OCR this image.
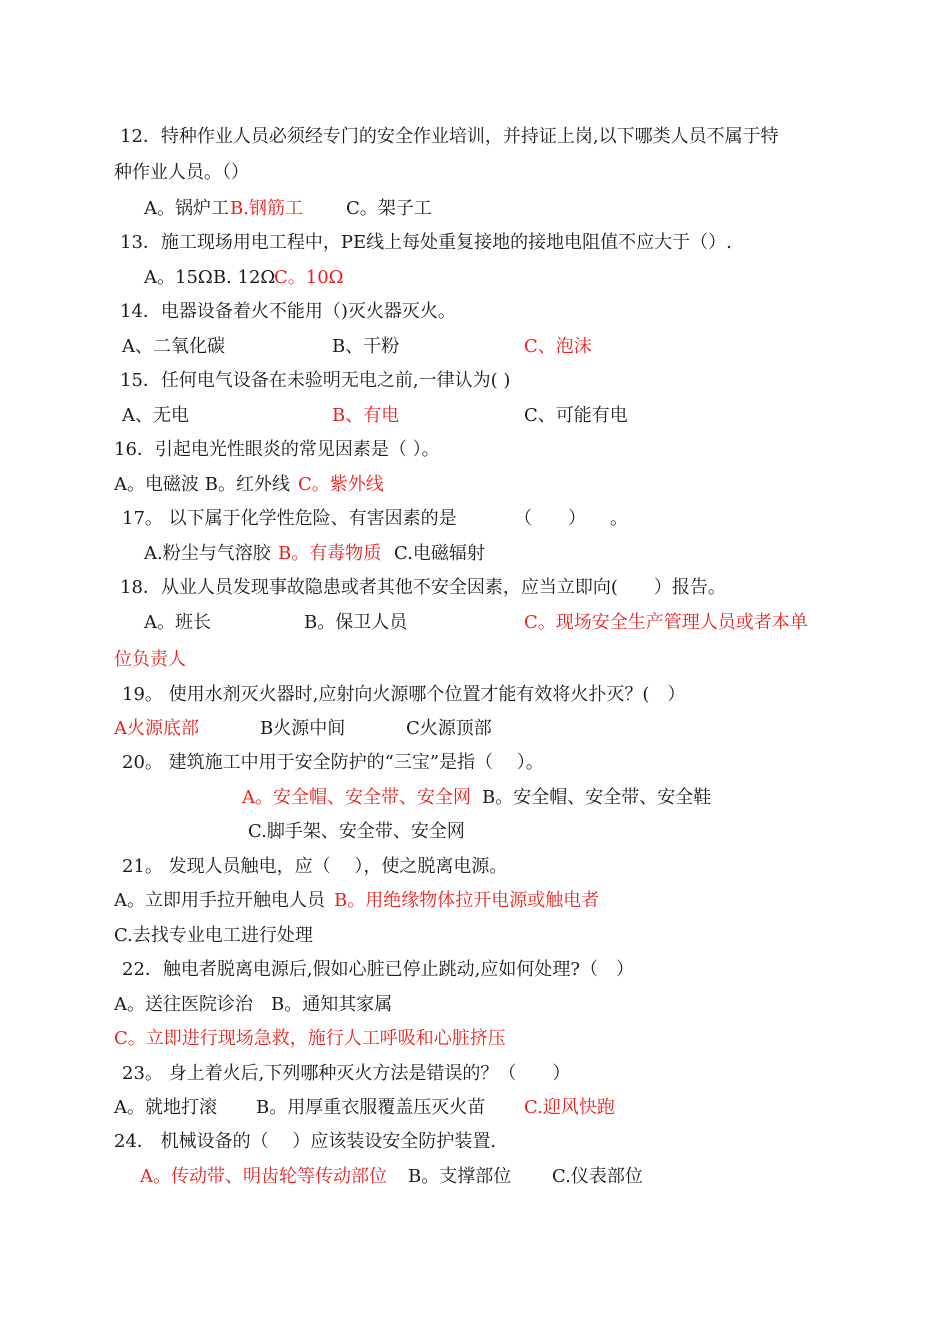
12．特种作业人员必须经专门的安全作业培训，并持证上岗,以下哪类人员不属于特
种作业人员。（）
A。锅炉工 B.钢筋工 C。架子工
13．施工现场用电工程中，PE线上每处重复接地的接地电阻值不应大于（）.
A。15ΩB. 12Ω
C。10Ω
14．电器设备着火不能用（)灭火器灭火。
A、二氧化碳	B、干粉	C、泡沫
15．任何电气设备在未验明无电之前,一律认为( )
A、无电	B、有电	C、可能有电
16．引起电光性眼炎的常见因素是（ ）。
A。电磁波 B。红外线 C。紫外线
17。 以下属于化学性危险、有害因素的是	（　　） 。
A.粉尘与气溶胶 B。有毒物质 C.电磁辐射
18．从业人员发现事故隐患或者其他不安全因素，应当立即向(　　）报告。
A。班长	B。保卫人员	C。现场安全生产管理人员或者本单
位负责人
19。 使用水剂灭火器时,应射向火源哪个位置才能有效将火扑灭？(　）
A火源底部	B火源中间	C火源顶部
20。 建筑施工中用于安全防护的“三宝”是指（　 ）。
A。安全帽、安全带、安全网 B。安全帽、安全带、安全鞋
C.脚手架、安全带、安全网
21。 发现人员触电，应（　 ），使之脱离电源。
A。立即用手拉开触电人员 B。用绝缘物体拉开电源或触电者
C.去找专业电工进行处理
22．触电者脱离电源后,假如心脏已停止跳动,应如何处理?（　）
A。送往医院诊治　B。通知其家属
C。立即进行现场急救，施行人工呼吸和心脏挤压
23。 身上着火后,下列哪种灭火方法是错误的？（　　）
A。就地打滚 B。用厚重衣服覆盖压灭火苗 C.迎风快跑
24． 机械设备的（　 ）应该装设安全防护装置.
A。传动带、明齿轮等传动部位 B。支撑部位 C.仪表部位
